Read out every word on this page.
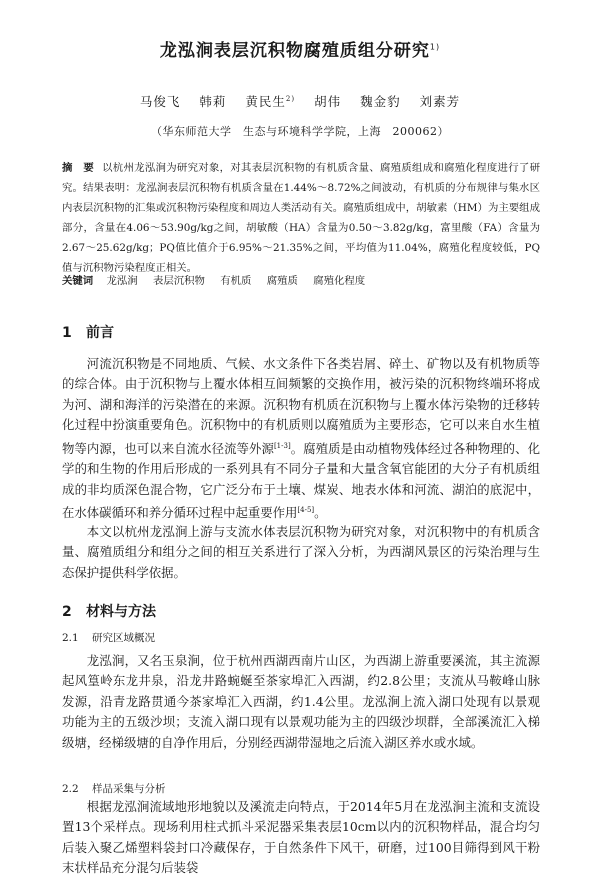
龙泓涧表层沉积物腐殖质组分研究$^{1)}$
马俊飞 韩莉 黄民生$^{2)}$ 胡伟 魏金豹 刘素芳
（华东师范大学　生态与环境科学学院，上海　200062）
摘　要 以杭州龙泓涧为研究对象，对其表层沉积物的有机质含量、腐殖质组成和腐殖化程度进行了研究。结果表明：龙泓涧表层沉积物有机质含量在1.44%～8.72%之间波动，有机质的分布规律与集水区内表层沉积物的汇集或沉积物污染程度和周边人类活动有关。腐殖质组成中，胡敏素（HM）为主要组成部分，含量在4.06～53.90g/kg之间，胡敏酸（HA）含量为0.50～3.82g/kg，富里酸（FA）含量为2.67～25.62g/kg；PQ值比值介于6.95%～21.35%之间，平均值为11.04%，腐殖化程度较低，PQ值与沉积物污染程度正相关。
关键词 龙泓涧 表层沉积物 有机质 腐殖质 腐殖化程度
1 前言
河流沉积物是不同地质、气候、水文条件下各类岩屑、碎土、矿物以及有机物质等的综合体。由于沉积物与上覆水体相互间频繁的交换作用，被污染的沉积物终端环将成为河、湖和海洋的污染潜在的来源。沉积物有机质在沉积物与上覆水体污染物的迁移转化过程中扮演重要角色。沉积物中的有机质则以腐殖质为主要形态，它可以来自水生植物等内源，也可以来自流水径流等外源[1-3]。腐殖质是由动植物残体经过各种物理的、化学的和生物的作用后形成的一系列具有不同分子量和大量含氧官能团的大分子有机质组成的非均质深色混合物，它广泛分布于土壤、煤炭、地表水体和河流、湖泊的底泥中，在水体碳循环和养分循环过程中起重要作用[4-5]。
本文以杭州龙泓涧上游与支流水体表层沉积物为研究对象，对沉积物中的有机质含量、腐殖质组分和组分之间的相互关系进行了深入分析，为西湖风景区的污染治理与生态保护提供科学依据。
2 材料与方法
2.1 研究区域概况
龙泓涧，又名玉泉涧，位于杭州西湖西南片山区，为西湖上游重要溪流，其主流源起风篁岭东龙井泉，沿龙井路蜿蜒至茶家埠汇入西湖，约2.8公里；支流从马鞍峰山脉发源，沿青龙路贯通今茶家埠汇入西湖，约1.4公里。龙泓涧上流入湖口处现有以景观功能为主的五级沙坝；支流入湖口现有以景观功能为主的四级沙坝群，全部溪流汇入梯级塘，经梯级塘的自净作用后，分别经西湖带湿地之后流入湖区养水或水域。
2.2 样品采集与分析
根据龙泓涧流域地形地貌以及溪流走向特点，于2014年5月在龙泓涧主流和支流设置13个采样点。现场利用柱式抓斗采泥器采集表层10cm以内的沉积物样品，混合均匀后装入聚乙烯塑料袋封口冷藏保存，于自然条件下风干，研磨，过100目筛得到风干粉末状样品充分混匀后装袋
